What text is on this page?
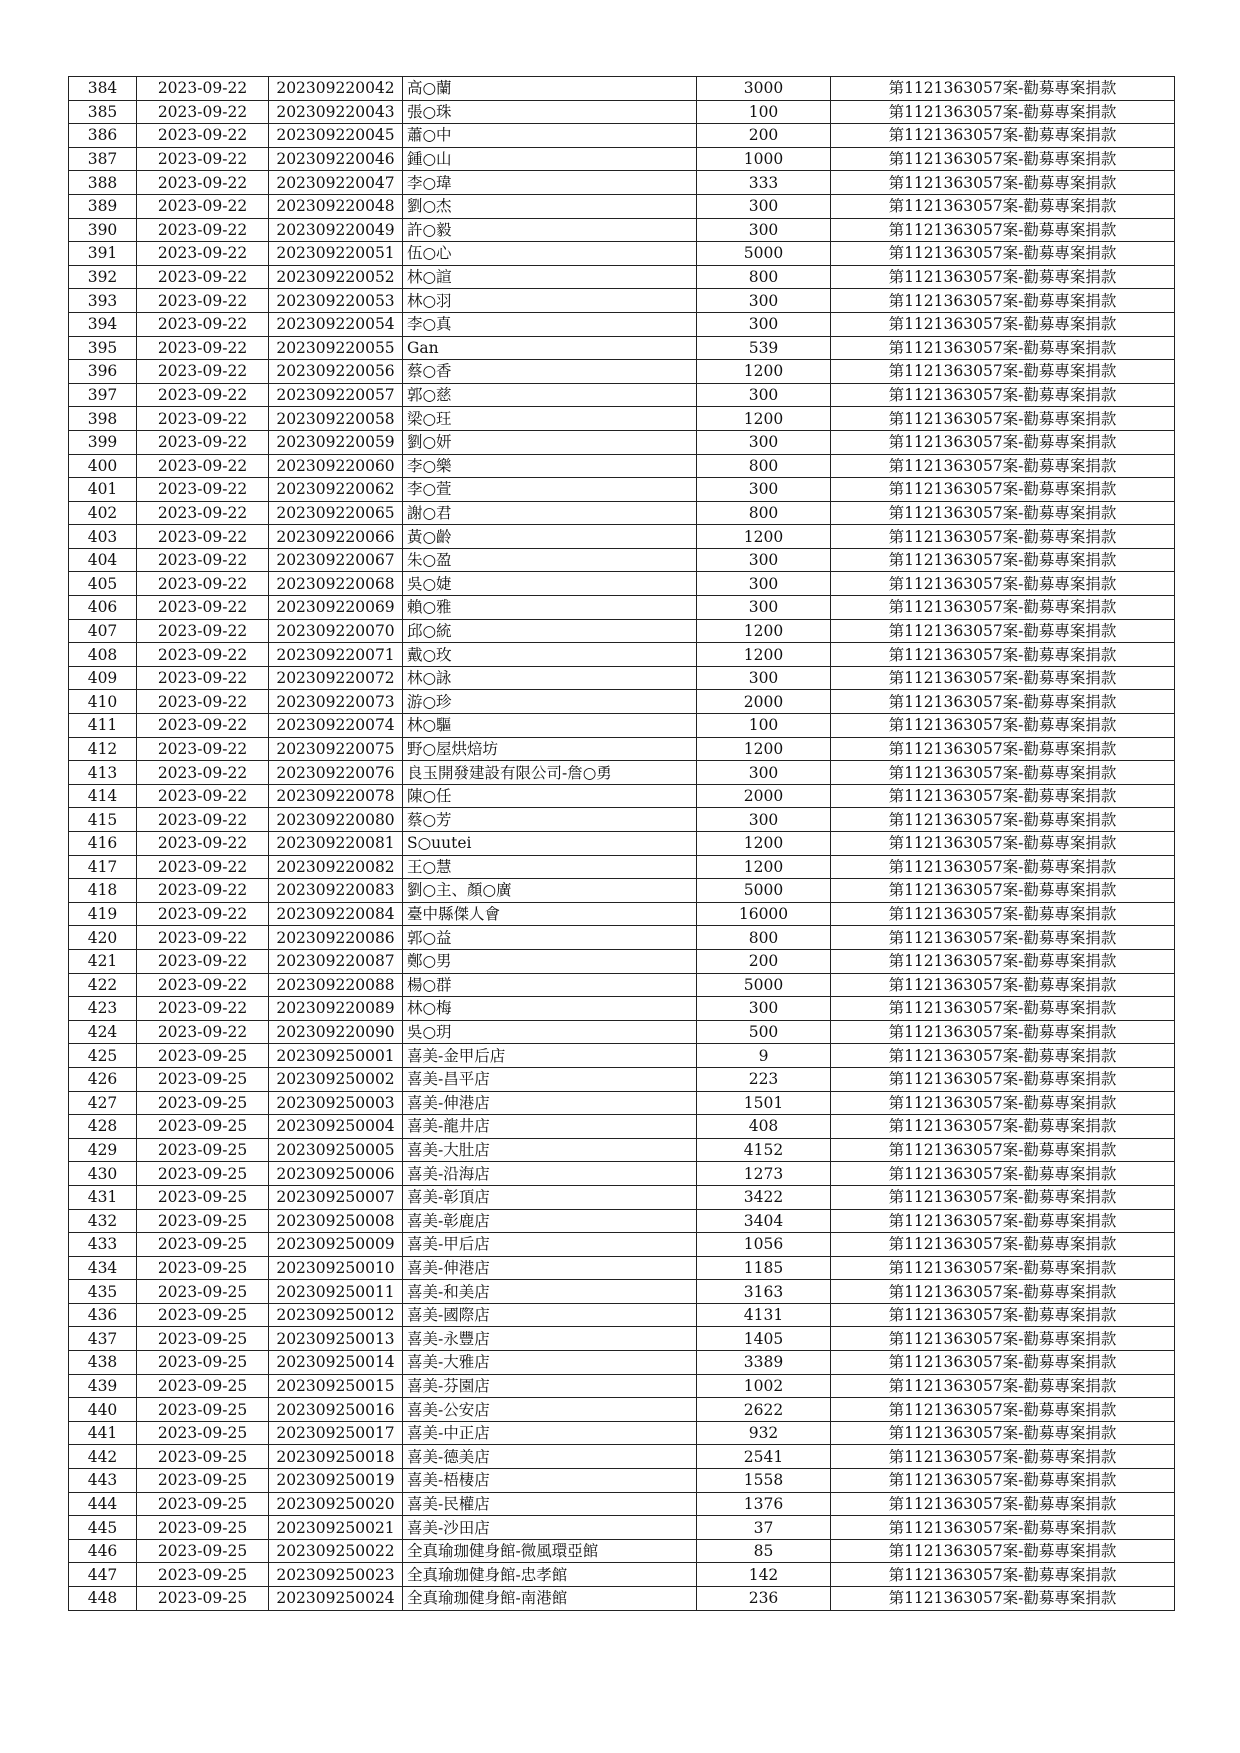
384	2023-09-22	202309220042	高○蘭	3000	第1121363057案-勸募專案捐款
385	2023-09-22	202309220043	張○珠	100	第1121363057案-勸募專案捐款
386	2023-09-22	202309220045	蕭○中	200	第1121363057案-勸募專案捐款
387	2023-09-22	202309220046	鍾○山	1000	第1121363057案-勸募專案捐款
388	2023-09-22	202309220047	李○瑋	333	第1121363057案-勸募專案捐款
389	2023-09-22	202309220048	劉○杰	300	第1121363057案-勸募專案捐款
390	2023-09-22	202309220049	許○毅	300	第1121363057案-勸募專案捐款
391	2023-09-22	202309220051	伍○心	5000	第1121363057案-勸募專案捐款
392	2023-09-22	202309220052	林○諠	800	第1121363057案-勸募專案捐款
393	2023-09-22	202309220053	林○羽	300	第1121363057案-勸募專案捐款
394	2023-09-22	202309220054	李○真	300	第1121363057案-勸募專案捐款
395	2023-09-22	202309220055	Gan	539	第1121363057案-勸募專案捐款
396	2023-09-22	202309220056	蔡○香	1200	第1121363057案-勸募專案捐款
397	2023-09-22	202309220057	郭○慈	300	第1121363057案-勸募專案捐款
398	2023-09-22	202309220058	梁○玨	1200	第1121363057案-勸募專案捐款
399	2023-09-22	202309220059	劉○妍	300	第1121363057案-勸募專案捐款
400	2023-09-22	202309220060	李○樂	800	第1121363057案-勸募專案捐款
401	2023-09-22	202309220062	李○萱	300	第1121363057案-勸募專案捐款
402	2023-09-22	202309220065	謝○君	800	第1121363057案-勸募專案捐款
403	2023-09-22	202309220066	黃○齡	1200	第1121363057案-勸募專案捐款
404	2023-09-22	202309220067	朱○盈	300	第1121363057案-勸募專案捐款
405	2023-09-22	202309220068	吳○婕	300	第1121363057案-勸募專案捐款
406	2023-09-22	202309220069	賴○雅	300	第1121363057案-勸募專案捐款
407	2023-09-22	202309220070	邱○統	1200	第1121363057案-勸募專案捐款
408	2023-09-22	202309220071	戴○玫	1200	第1121363057案-勸募專案捐款
409	2023-09-22	202309220072	林○詠	300	第1121363057案-勸募專案捐款
410	2023-09-22	202309220073	游○珍	2000	第1121363057案-勸募專案捐款
411	2023-09-22	202309220074	林○驅	100	第1121363057案-勸募專案捐款
412	2023-09-22	202309220075	野○屋烘焙坊	1200	第1121363057案-勸募專案捐款
413	2023-09-22	202309220076	良玉開發建設有限公司-詹○勇	300	第1121363057案-勸募專案捐款
414	2023-09-22	202309220078	陳○任	2000	第1121363057案-勸募專案捐款
415	2023-09-22	202309220080	蔡○芳	300	第1121363057案-勸募專案捐款
416	2023-09-22	202309220081	S○uutei	1200	第1121363057案-勸募專案捐款
417	2023-09-22	202309220082	王○慧	1200	第1121363057案-勸募專案捐款
418	2023-09-22	202309220083	劉○主、顏○廣	5000	第1121363057案-勸募專案捐款
419	2023-09-22	202309220084	臺中縣傑人會	16000	第1121363057案-勸募專案捐款
420	2023-09-22	202309220086	郭○益	800	第1121363057案-勸募專案捐款
421	2023-09-22	202309220087	鄭○男	200	第1121363057案-勸募專案捐款
422	2023-09-22	202309220088	楊○群	5000	第1121363057案-勸募專案捐款
423	2023-09-22	202309220089	林○梅	300	第1121363057案-勸募專案捐款
424	2023-09-22	202309220090	吳○玥	500	第1121363057案-勸募專案捐款
425	2023-09-25	202309250001	喜美-金甲后店	9	第1121363057案-勸募專案捐款
426	2023-09-25	202309250002	喜美-昌平店	223	第1121363057案-勸募專案捐款
427	2023-09-25	202309250003	喜美-伸港店	1501	第1121363057案-勸募專案捐款
428	2023-09-25	202309250004	喜美-龍井店	408	第1121363057案-勸募專案捐款
429	2023-09-25	202309250005	喜美-大肚店	4152	第1121363057案-勸募專案捐款
430	2023-09-25	202309250006	喜美-沿海店	1273	第1121363057案-勸募專案捐款
431	2023-09-25	202309250007	喜美-彰頂店	3422	第1121363057案-勸募專案捐款
432	2023-09-25	202309250008	喜美-彰鹿店	3404	第1121363057案-勸募專案捐款
433	2023-09-25	202309250009	喜美-甲后店	1056	第1121363057案-勸募專案捐款
434	2023-09-25	202309250010	喜美-伸港店	1185	第1121363057案-勸募專案捐款
435	2023-09-25	202309250011	喜美-和美店	3163	第1121363057案-勸募專案捐款
436	2023-09-25	202309250012	喜美-國際店	4131	第1121363057案-勸募專案捐款
437	2023-09-25	202309250013	喜美-永豐店	1405	第1121363057案-勸募專案捐款
438	2023-09-25	202309250014	喜美-大雅店	3389	第1121363057案-勸募專案捐款
439	2023-09-25	202309250015	喜美-芬園店	1002	第1121363057案-勸募專案捐款
440	2023-09-25	202309250016	喜美-公安店	2622	第1121363057案-勸募專案捐款
441	2023-09-25	202309250017	喜美-中正店	932	第1121363057案-勸募專案捐款
442	2023-09-25	202309250018	喜美-德美店	2541	第1121363057案-勸募專案捐款
443	2023-09-25	202309250019	喜美-梧棲店	1558	第1121363057案-勸募專案捐款
444	2023-09-25	202309250020	喜美-民權店	1376	第1121363057案-勸募專案捐款
445	2023-09-25	202309250021	喜美-沙田店	37	第1121363057案-勸募專案捐款
446	2023-09-25	202309250022	全真瑜珈健身館-微風環亞館	85	第1121363057案-勸募專案捐款
447	2023-09-25	202309250023	全真瑜珈健身館-忠孝館	142	第1121363057案-勸募專案捐款
448	2023-09-25	202309250024	全真瑜珈健身館-南港館	236	第1121363057案-勸募專案捐款
